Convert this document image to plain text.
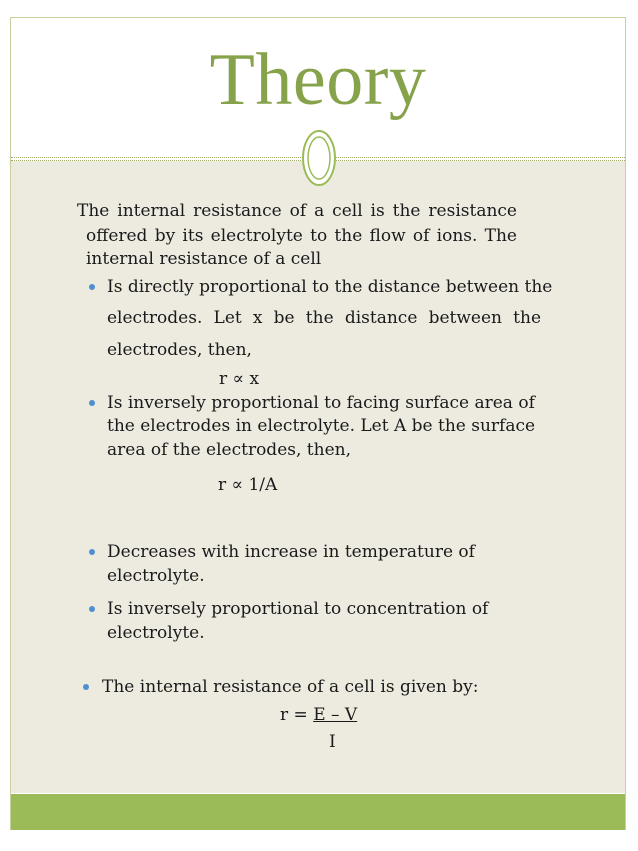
Theory

The internal resistance of a cell is the resistance

offered by its electrolyte to the flow of ions. The

internal resistance of a cell

Is directly proportional to the distance between the

electrodes. Let x be the distance between the

electrodes, then,

r ∝ x

Is inversely proportional to facing surface area of

the electrodes in electrolyte. Let A be the surface

area of the electrodes, then,

r ∝ 1/A

Decreases with increase in temperature of

electrolyte.

Is inversely proportional to concentration of

electrolyte.

The internal resistance of a cell is given by:

r = E – V

I
